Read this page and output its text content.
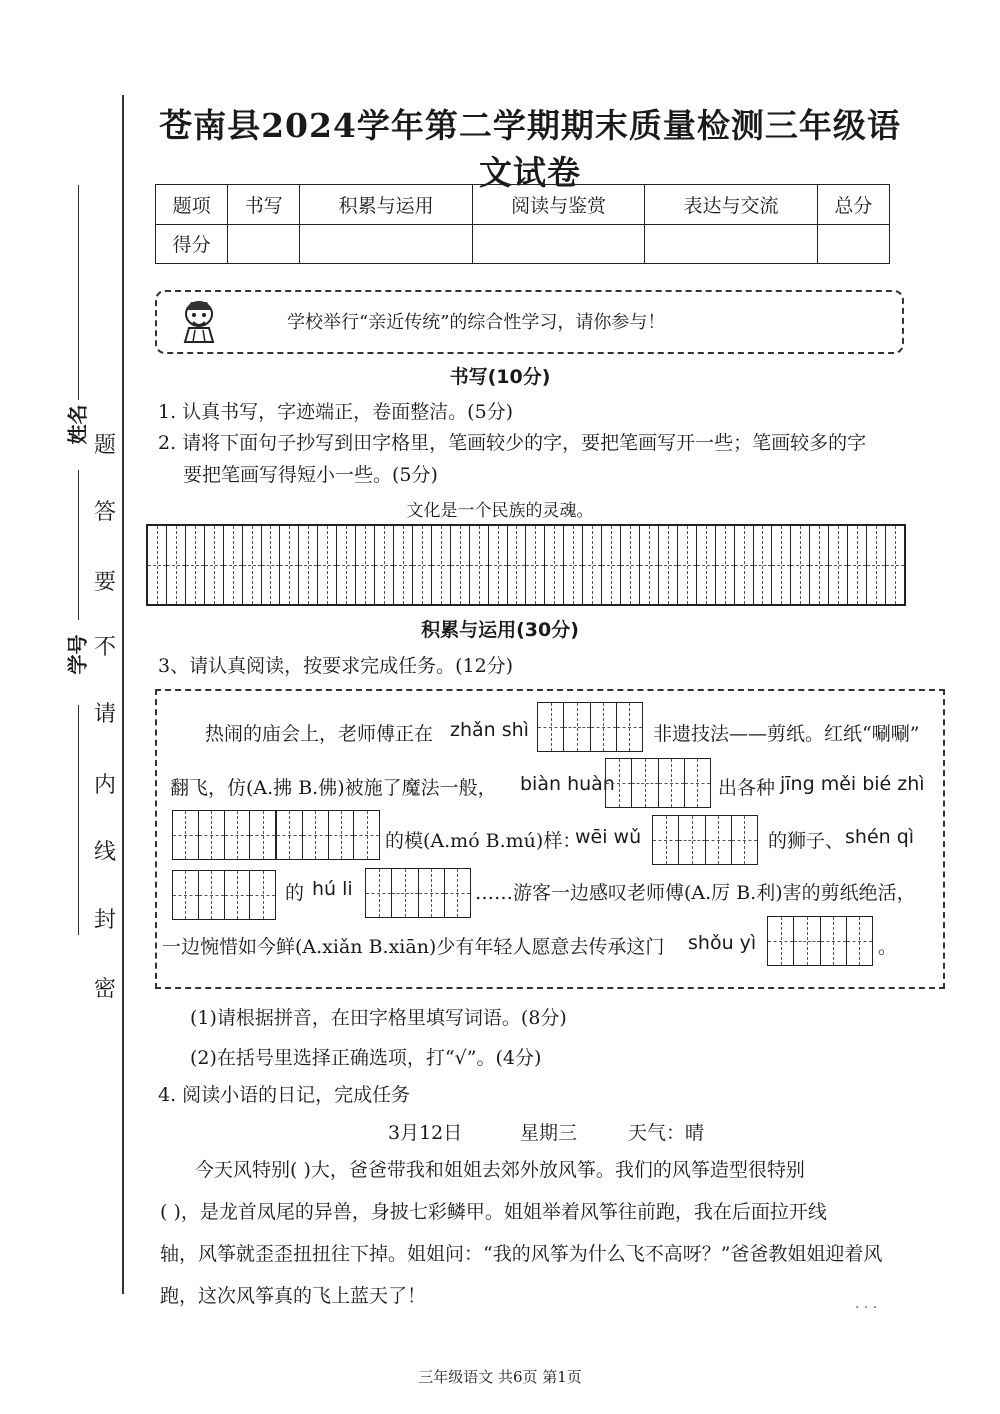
姓名
学号
题
答
要
不
请
内
线
封
密
苍南县2024学年第二学期期末质量检测三年级语文试卷
题项	书写	积累与运用	阅读与鉴赏	表达与交流	总分
得分					
学校举行“亲近传统”的综合性学习，请你参与！
书写(10分)
1. 认真书写，字迹端正，卷面整洁。(5分)
2. 请将下面句子抄写到田字格里，笔画较少的字，要把笔画写开一些；笔画较多的字
要把笔画写得短小一些。(5分)
文化是一个民族的灵魂。
积累与运用(30分)
3、请认真阅读，按要求完成任务。(12分)
热闹的庙会上，老师傅正在 zhǎn shì	非遗技法——剪纸。红纸“唰唰”
翻飞，仿(A.拂 B.佛)被施了魔法一般， biàn huàn	出各种 jīng měi bié zhì
的模(A.mó B.mú)样：
wēi wǔ	的狮子、 shén qì
的 hú li	……游客一边感叹老师傅(A.厉 B.利)害的剪纸绝活，
一边惋惜如今鲜(A.xiǎn B.xiān)少有年轻人愿意去传承这门 shǒu yì	。
(1)请根据拼音，在田字格里填写词语。(8分)
(2)在括号里选择正确选项，打“√”。(4分)
4. 阅读小语的日记，完成任务
3月12日	星期三	天气：晴
今天风特别( )大，爸爸带我和姐姐去郊外放风筝。我们的风筝造型很特别
( )，是龙首凤尾的异兽，身披七彩鳞甲。姐姐举着风筝往前跑，我在后面拉开线
轴，风筝就歪歪扭扭往下掉。姐姐问：“我的风筝为什么飞不高呀？”爸爸教姐姐迎着风
跑，这次风筝真的飞上蓝天了！
· · ·
三年级语文 共6页 第1页
